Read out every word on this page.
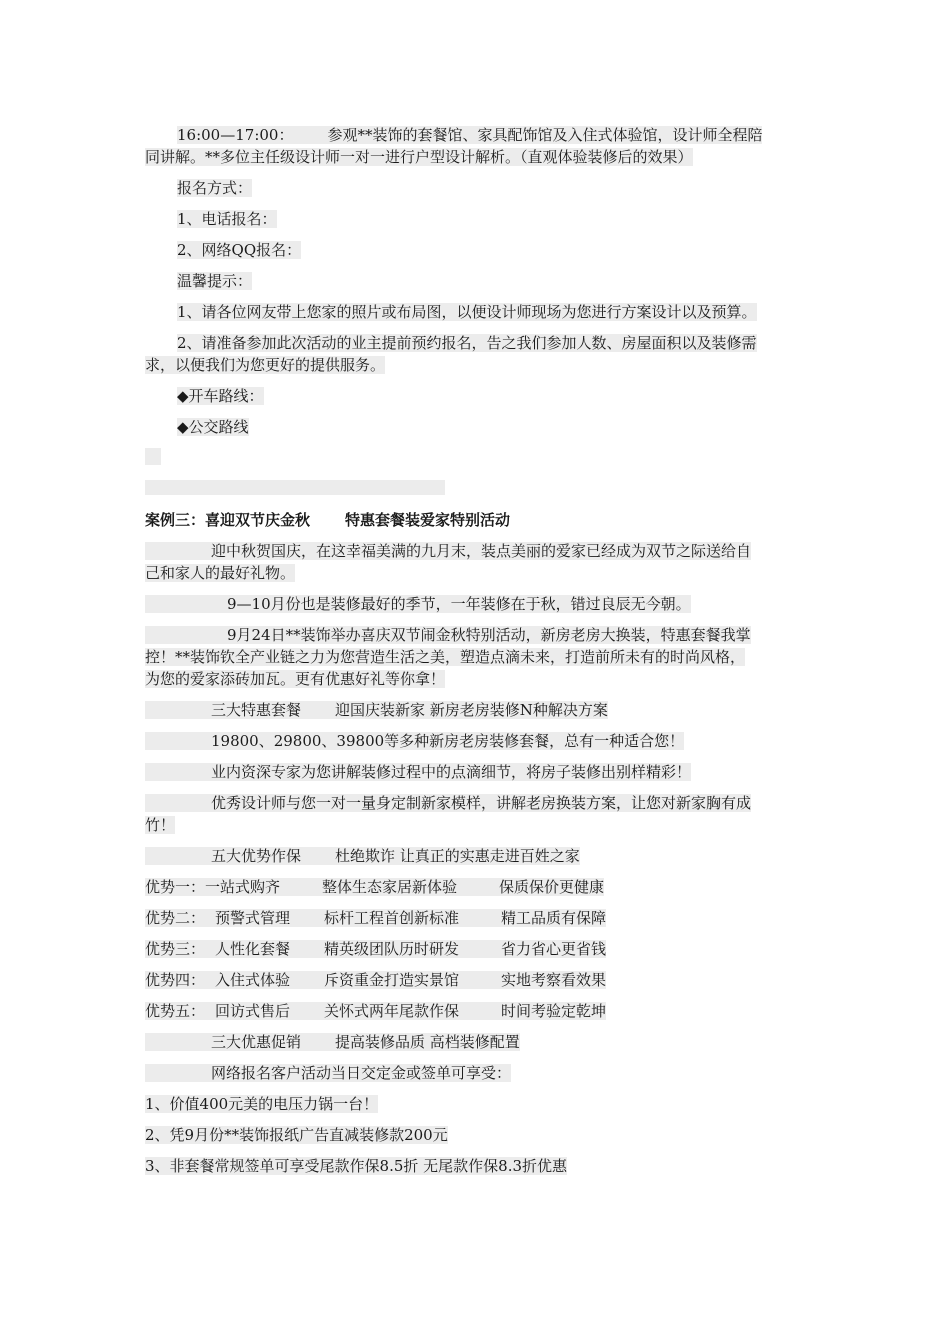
16:00—17:00： 参观**装饰的套餐馆、家具配饰馆及入住式体验馆，设计师全程陪

同讲解。**多位主任级设计师一对一进行户型设计解析。（直观体验装修后的效果）

报名方式：

1、电话报名：

2、网络QQ报名：

温馨提示：

1、请各位网友带上您家的照片或布局图，以便设计师现场为您进行方案设计以及预算。

2、请准备参加此次活动的业主提前预约报名，告之我们参加人数、房屋面积以及装修需

求，以便我们为您更好的提供服务。

◆开车路线：

◆公交路线

案例三：喜迎双节庆金秋 特惠套餐装爱家特别活动

迎中秋贺国庆，在这幸福美满的九月末，装点美丽的爱家已经成为双节之际送给自

己和家人的最好礼物。

9—10月份也是装修最好的季节，一年装修在于秋，错过良辰无今朝。

9月24日**装饰举办喜庆双节闹金秋特别活动，新房老房大换装，特惠套餐我掌

控！**装饰钦全产业链之力为您营造生活之美，塑造点滴未来，打造前所未有的时尚风格，

为您的爱家添砖加瓦。更有优惠好礼等你拿！

三大特惠套餐 迎国庆装新家 新房老房装修N种解决方案

19800、29800、39800等多种新房老房装修套餐，总有一种适合您！

业内资深专家为您讲解装修过程中的点滴细节，将房子装修出别样精彩！

优秀设计师与您一对一量身定制新家模样，讲解老房换装方案，让您对新家胸有成

竹！

五大优势作保 杜绝欺诈 让真正的实惠走进百姓之家

优势一：一站式购齐	整体生态家居新体验	保质保价更健康

优势二： 预警式管理 标杆工程首创新标准	精工品质有保障

优势三： 人性化套餐 精英级团队历时研发	省力省心更省钱

优势四： 入住式体验 斥资重金打造实景馆	实地考察看效果

优势五： 回访式售后 关怀式两年尾款作保	时间考验定乾坤

三大优惠促销 提高装修品质 高档装修配置

网络报名客户活动当日交定金或签单可享受：

1、价值400元美的电压力锅一台！

2、凭9月份**装饰报纸广告直减装修款200元

3、非套餐常规签单可享受尾款作保8.5折 无尾款作保8.3折优惠
